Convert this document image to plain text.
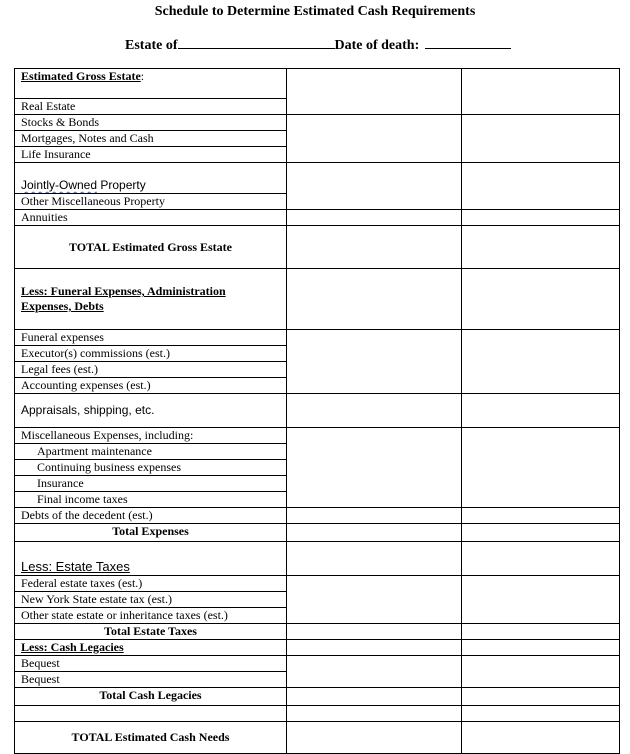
Schedule to Determine Estimated Cash Requirements
Estate of	Date of death:
Estimated Gross Estate:		
Real Estate		
Stocks & Bonds		
Mortgages, Notes and Cash		
Life Insurance		
Jointly-Owned Property		
Other Miscellaneous Property		
Annuities		
TOTAL Estimated Gross Estate		

Less: Funeral Expenses, Administration
Expenses, Debts		

Funeral expenses		
Executor(s) commissions (est.)		
Legal fees (est.)		
Accounting expenses (est.)		
Appraisals, shipping, etc.		
Miscellaneous Expenses, including:		
Apartment maintenance		
Continuing business expenses		
Insurance		
Final income taxes		
Debts of the decedent (est.)		
Total Expenses		
Less: Estate Taxes		
Federal estate taxes (est.)		
New York State estate tax (est.)		
Other state estate or inheritance taxes (est.)		
Total Estate Taxes		
Less: Cash Legacies		
Bequest		
Bequest		
Total Cash Legacies		

TOTAL Estimated Cash Needs		
